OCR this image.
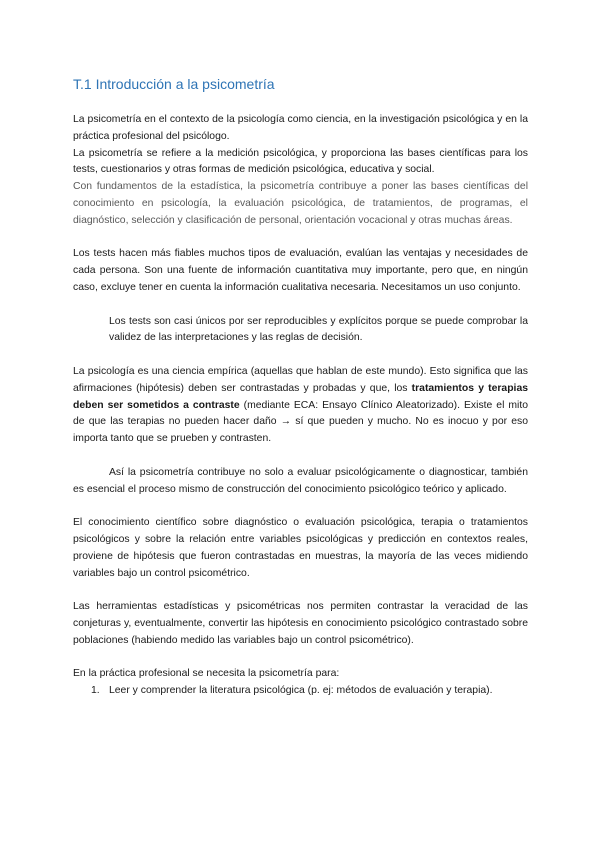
T.1 Introducción a la psicometría

La psicometría en el contexto de la psicología como ciencia, en la investigación psicológica y en la práctica profesional del psicólogo.

La psicometría se refiere a la medición psicológica, y proporciona las bases científicas para los tests, cuestionarios y otras formas de medición psicológica, educativa y social.

Con fundamentos de la estadística, la psicometría contribuye a poner las bases científicas del conocimiento en psicología, la evaluación psicológica, de tratamientos, de programas, el diagnóstico, selección y clasificación de personal, orientación vocacional y otras muchas áreas.

Los tests hacen más fiables muchos tipos de evaluación, evalúan las ventajas y necesidades de cada persona. Son una fuente de información cuantitativa muy importante, pero que, en ningún caso, excluye tener en cuenta la información cualitativa necesaria. Necesitamos un uso conjunto.

Los tests son casi únicos por ser reproducibles y explícitos porque se puede comprobar la validez de las interpretaciones y las reglas de decisión.

La psicología es una ciencia empírica (aquellas que hablan de este mundo). Esto significa que las afirmaciones (hipótesis) deben ser contrastadas y probadas y que, los tratamientos y terapias deben ser sometidos a contraste (mediante ECA: Ensayo Clínico Aleatorizado). Existe el mito de que las terapias no pueden hacer daño → sí que pueden y mucho. No es inocuo y por eso importa tanto que se prueben y contrasten.

Así la psicometría contribuye no solo a evaluar psicológicamente o diagnosticar, también es esencial el proceso mismo de construcción del conocimiento psicológico teórico y aplicado.

El conocimiento científico sobre diagnóstico o evaluación psicológica, terapia o tratamientos psicológicos y sobre la relación entre variables psicológicas y predicción en contextos reales, proviene de hipótesis que fueron contrastadas en muestras, la mayoría de las veces midiendo variables bajo un control psicométrico.

Las herramientas estadísticas y psicométricas nos permiten contrastar la veracidad de las conjeturas y, eventualmente, convertir las hipótesis en conocimiento psicológico contrastado sobre poblaciones (habiendo medido las variables bajo un control psicométrico).

En la práctica profesional se necesita la psicometría para:

1. Leer y comprender la literatura psicológica (p. ej: métodos de evaluación y terapia).
